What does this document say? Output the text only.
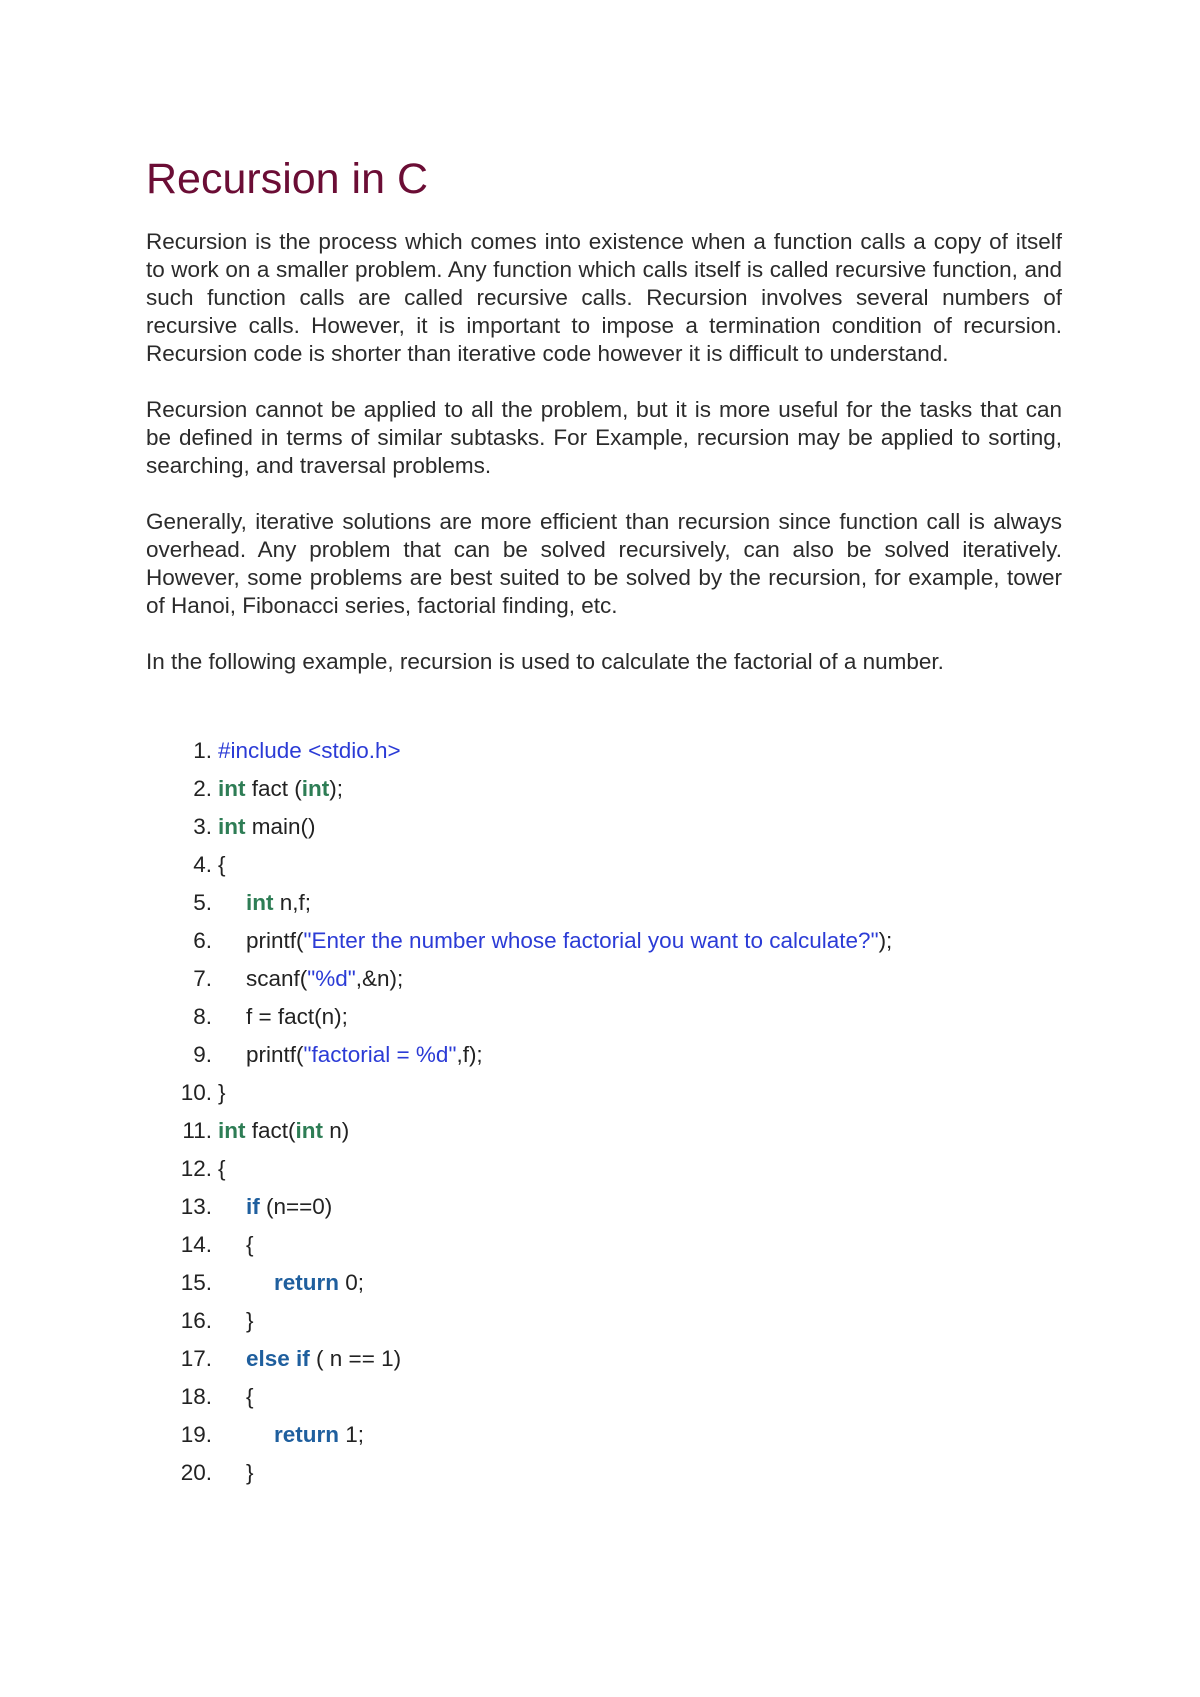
Recursion in C

Recursion is the process which comes into existence when a function calls a copy of itself to work on a smaller problem. Any function which calls itself is called recursive function, and such function calls are called recursive calls. Recursion involves several numbers of recursive calls. However, it is important to impose a termination condition of recursion. Recursion code is shorter than iterative code however it is difficult to understand.

Recursion cannot be applied to all the problem, but it is more useful for the tasks that can be defined in terms of similar subtasks. For Example, recursion may be applied to sorting, searching, and traversal problems.

Generally, iterative solutions are more efficient than recursion since function call is always overhead. Any problem that can be solved recursively, can also be solved iteratively. However, some problems are best suited to be solved by the recursion, for example, tower of Hanoi, Fibonacci series, factorial finding, etc.

In the following example, recursion is used to calculate the factorial of a number.

1. #include <stdio.h>
2. int fact (int);
3. int main()
4. {
5.	int n,f;
6.	printf("Enter the number whose factorial you want to calculate?");
7.	scanf("%d",&n);
8.	f = fact(n);
9.	printf("factorial = %d",f);
10. }
11. int fact(int n)
12. {
13.	if (n==0)
14.	{
15.	return 0;
16.	}
17.	else if ( n == 1)
18.	{
19.	return 1;
20.	}
